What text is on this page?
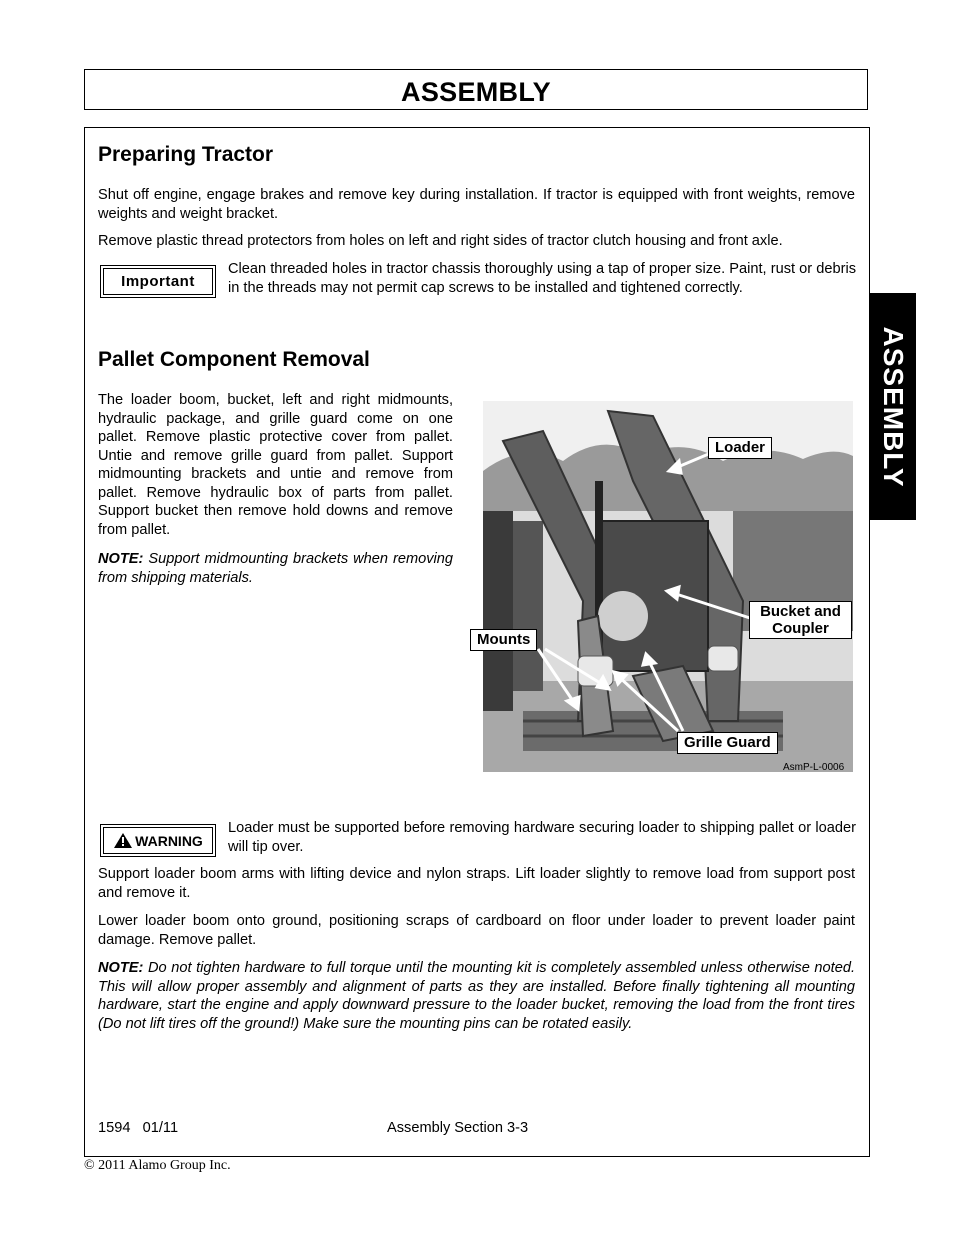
ASSEMBLY
ASSEMBLY
Preparing Tractor

Shut off engine, engage brakes and remove key during installation. If tractor is equipped with front weights, remove weights and weight bracket.

Remove plastic thread protectors from holes on left and right sides of tractor clutch housing and front axle.

Important

Clean threaded holes in tractor chassis thoroughly using a tap of proper size. Paint, rust or debris in the threads may not permit cap screws to be installed and tightened correctly.

Pallet Component Removal

The loader boom, bucket, left and right midmounts, hydraulic package, and grille guard come on one pallet. Remove plastic protective cover from pallet. Untie and remove grille guard from pallet. Support midmounting brackets and untie and remove from pallet. Remove hydraulic box of parts from pallet. Support bucket then remove hold downs and remove from pallet.

NOTE: Support midmounting brackets when removing from shipping materials.

Loader
Bucket and
Coupler
Mounts
Grille Guard
AsmP-L-0006
WARNING

Loader must be supported before removing hardware securing loader to shipping pallet or loader will tip over.

Support loader boom arms with lifting device and nylon straps. Lift loader slightly to remove load from support post and remove it.

Lower loader boom onto ground, positioning scraps of cardboard on floor under loader to prevent loader paint damage. Remove pallet.

NOTE: Do not tighten hardware to full torque until the mounting kit is completely assembled unless otherwise noted. This will allow proper assembly and alignment of parts as they are installed. Before finally tightening all mounting hardware, start the engine and apply downward pressure to the loader bucket, removing the load from the front tires (Do not lift tires off the ground!) Make sure the mounting pins can be rotated easily.

1594   01/11	Assembly Section 3-3
© 2011 Alamo Group Inc.
